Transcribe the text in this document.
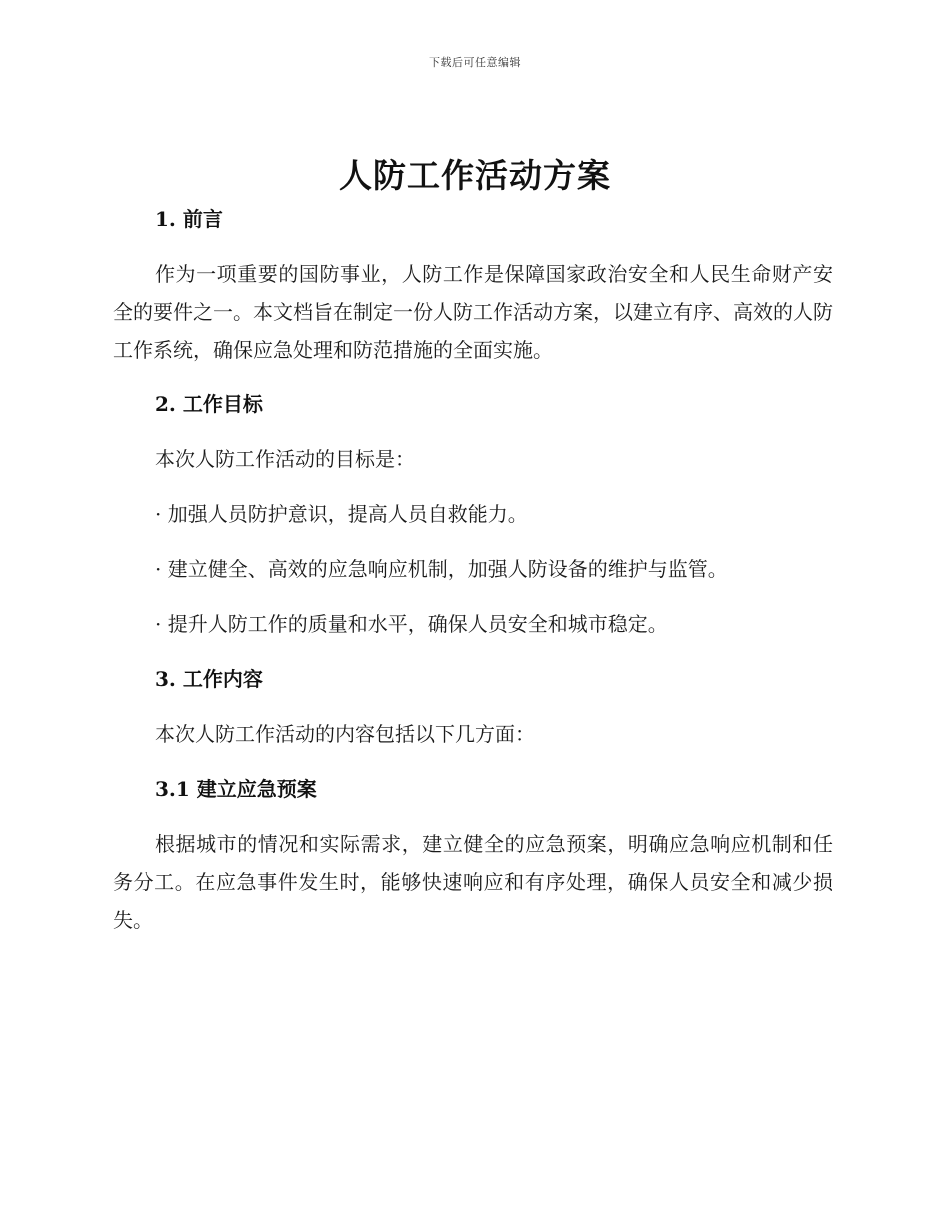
下载后可任意编辑
人防工作活动方案
1. 前言

作为一项重要的国防事业，人防工作是保障国家政治安全和人民生命财产安全的要件之一。本文档旨在制定一份人防工作活动方案，以建立有序、高效的人防工作系统，确保应急处理和防范措施的全面实施。

2. 工作目标

本次人防工作活动的目标是：

· 加强人员防护意识，提高人员自救能力。
· 建立健全、高效的应急响应机制，加强人防设备的维护与监管。
· 提升人防工作的质量和水平，确保人员安全和城市稳定。
3. 工作内容

本次人防工作活动的内容包括以下几方面：

3.1 建立应急预案

根据城市的情况和实际需求，建立健全的应急预案，明确应急响应机制和任务分工。在应急事件发生时，能够快速响应和有序处理，确保人员安全和减少损失。
